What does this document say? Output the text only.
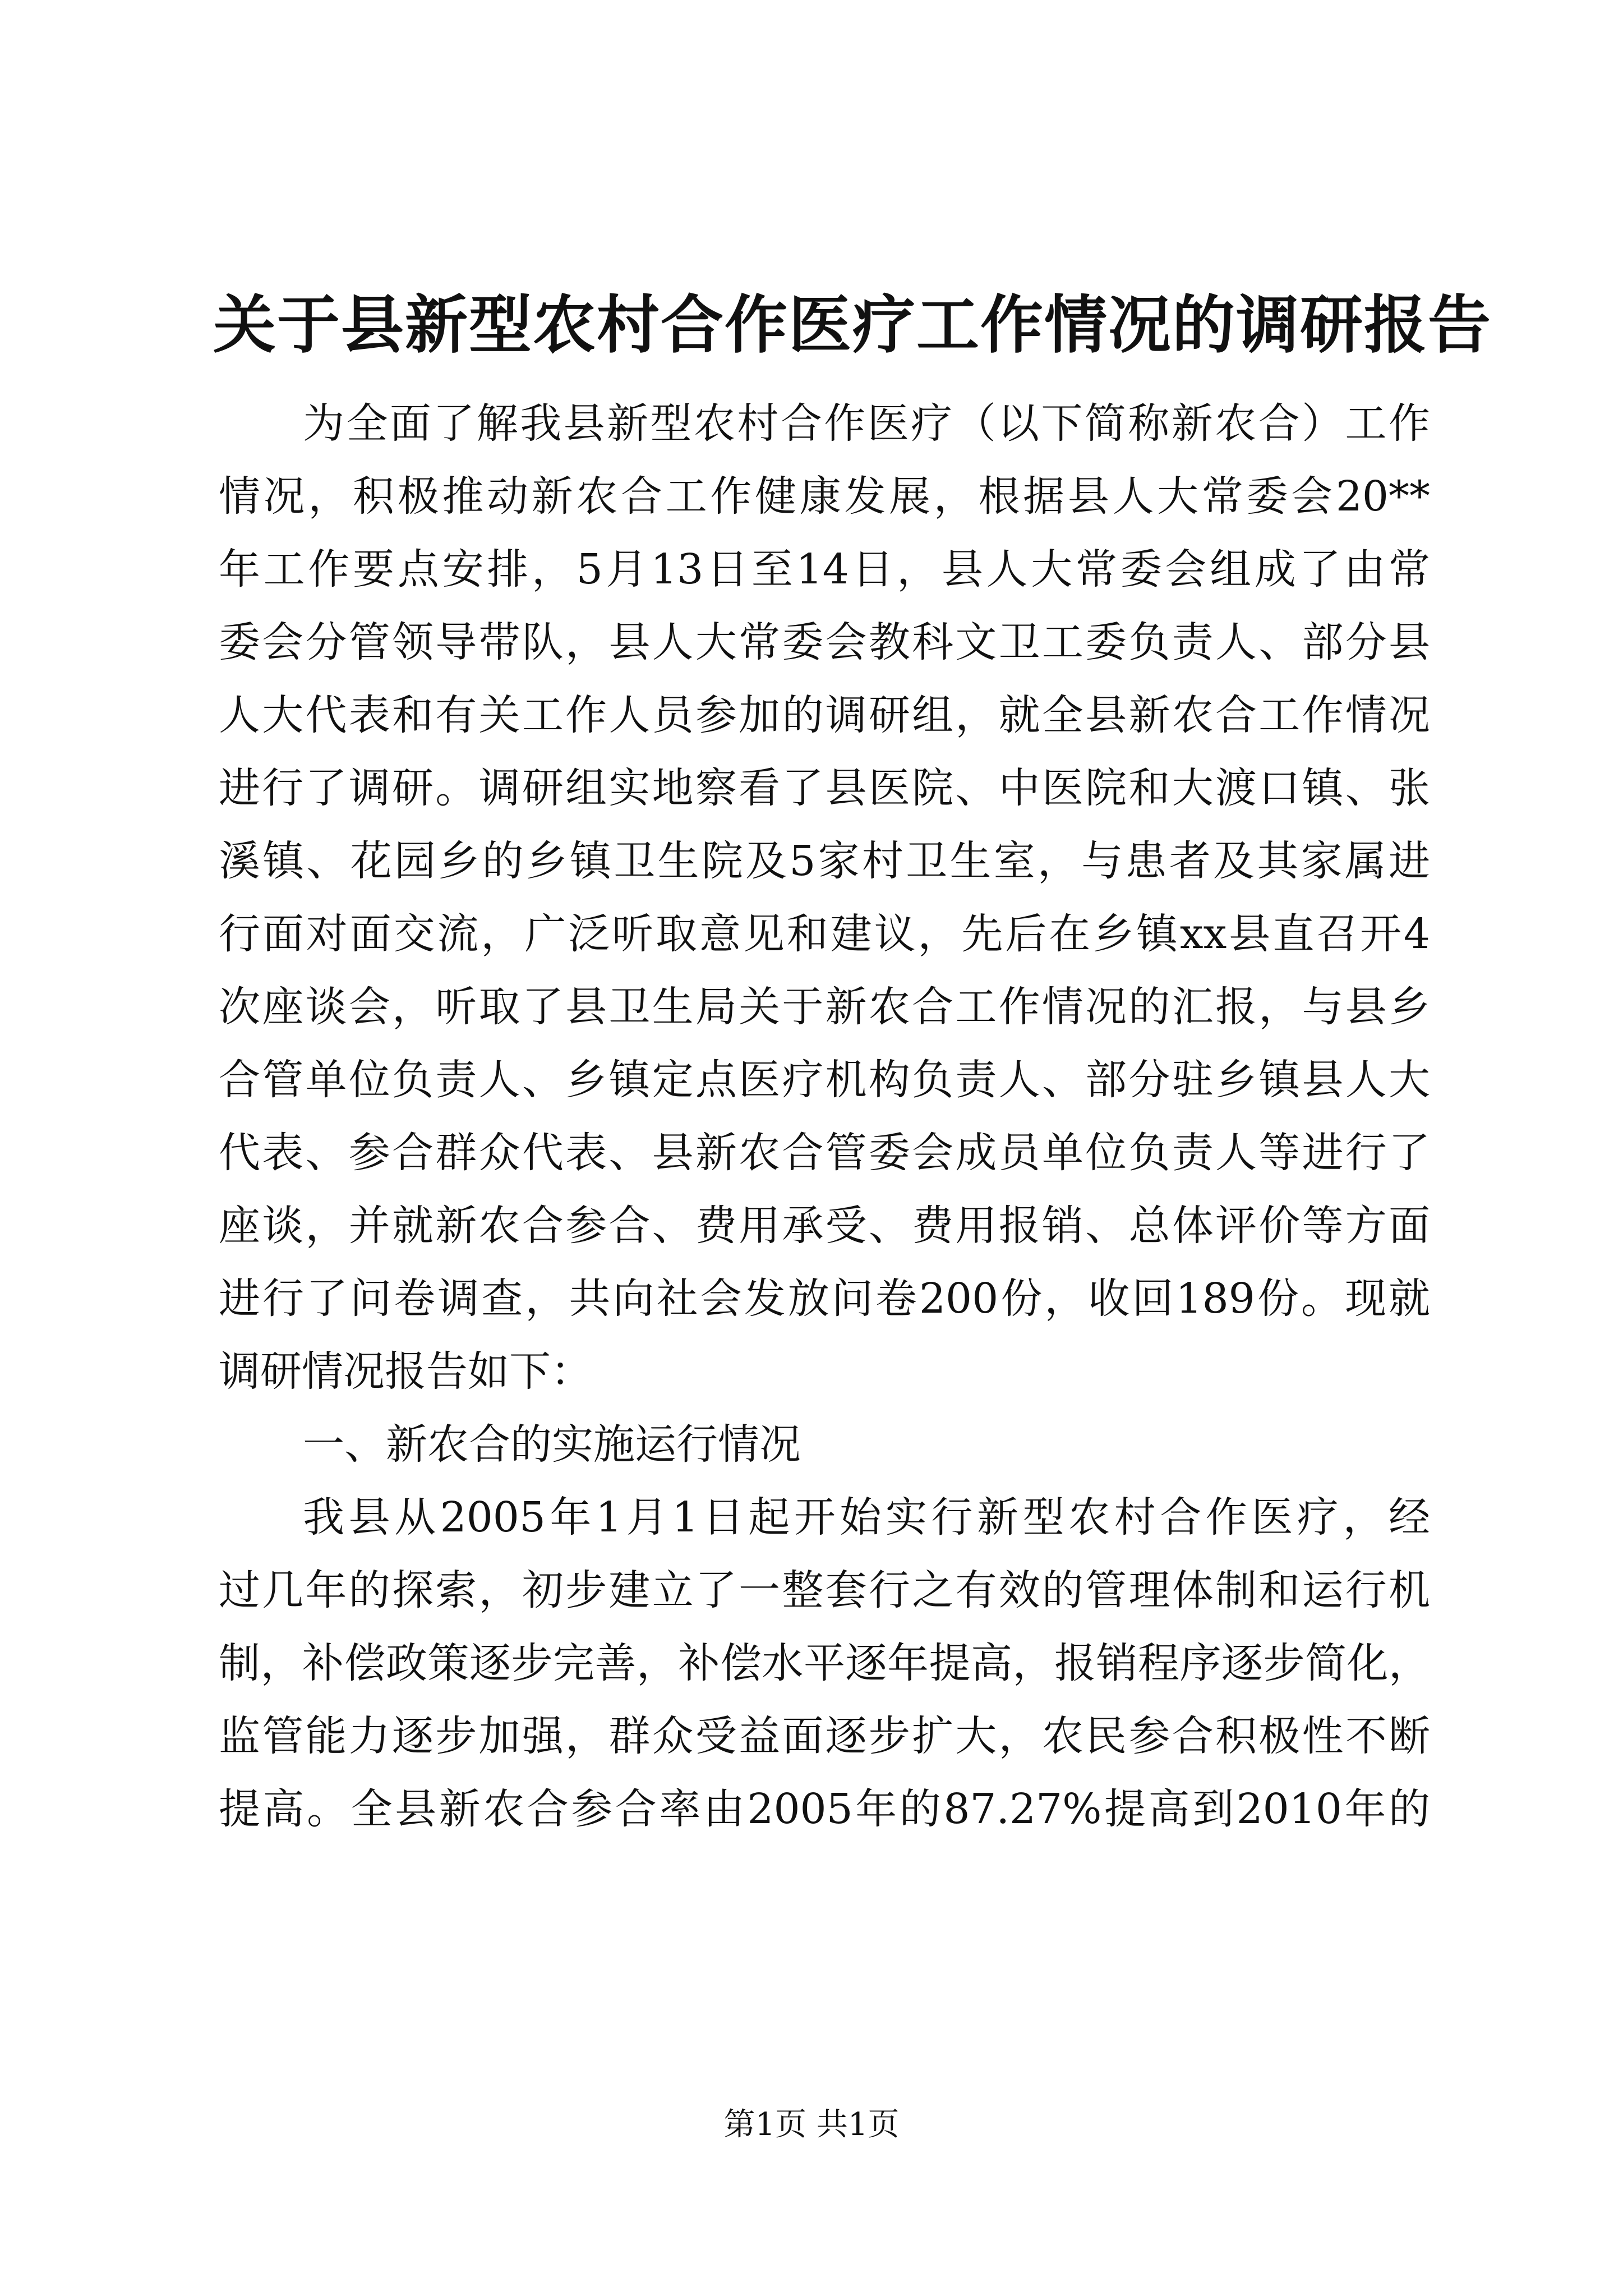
关于县新型农村合作医疗工作情况的调研报告
为全面了解我县新型农村合作医疗（以下简称新农合）工作
情况，积极推动新农合工作健康发展，根据县人大常委会20**
年工作要点安排，5月13日至14日，县人大常委会组成了由常
委会分管领导带队，县人大常委会教科文卫工委负责人、部分县
人大代表和有关工作人员参加的调研组，就全县新农合工作情况
进行了调研。调研组实地察看了县医院、中医院和大渡口镇、张
溪镇、花园乡的乡镇卫生院及5家村卫生室，与患者及其家属进
行面对面交流，广泛听取意见和建议，先后在乡镇xx县直召开4
次座谈会，听取了县卫生局关于新农合工作情况的汇报，与县乡
合管单位负责人、乡镇定点医疗机构负责人、部分驻乡镇县人大
代表、参合群众代表、县新农合管委会成员单位负责人等进行了
座谈，并就新农合参合、费用承受、费用报销、总体评价等方面
进行了问卷调查，共向社会发放问卷200份，收回189份。现就
调研情况报告如下：
一、新农合的实施运行情况
我县从2005年1月1日起开始实行新型农村合作医疗，经
过几年的探索，初步建立了一整套行之有效的管理体制和运行机
制，补偿政策逐步完善，补偿水平逐年提高，报销程序逐步简化，
监管能力逐步加强，群众受益面逐步扩大，农民参合积极性不断
提高。全县新农合参合率由2005年的87.27%提高到2010年的
第1页 共1页
